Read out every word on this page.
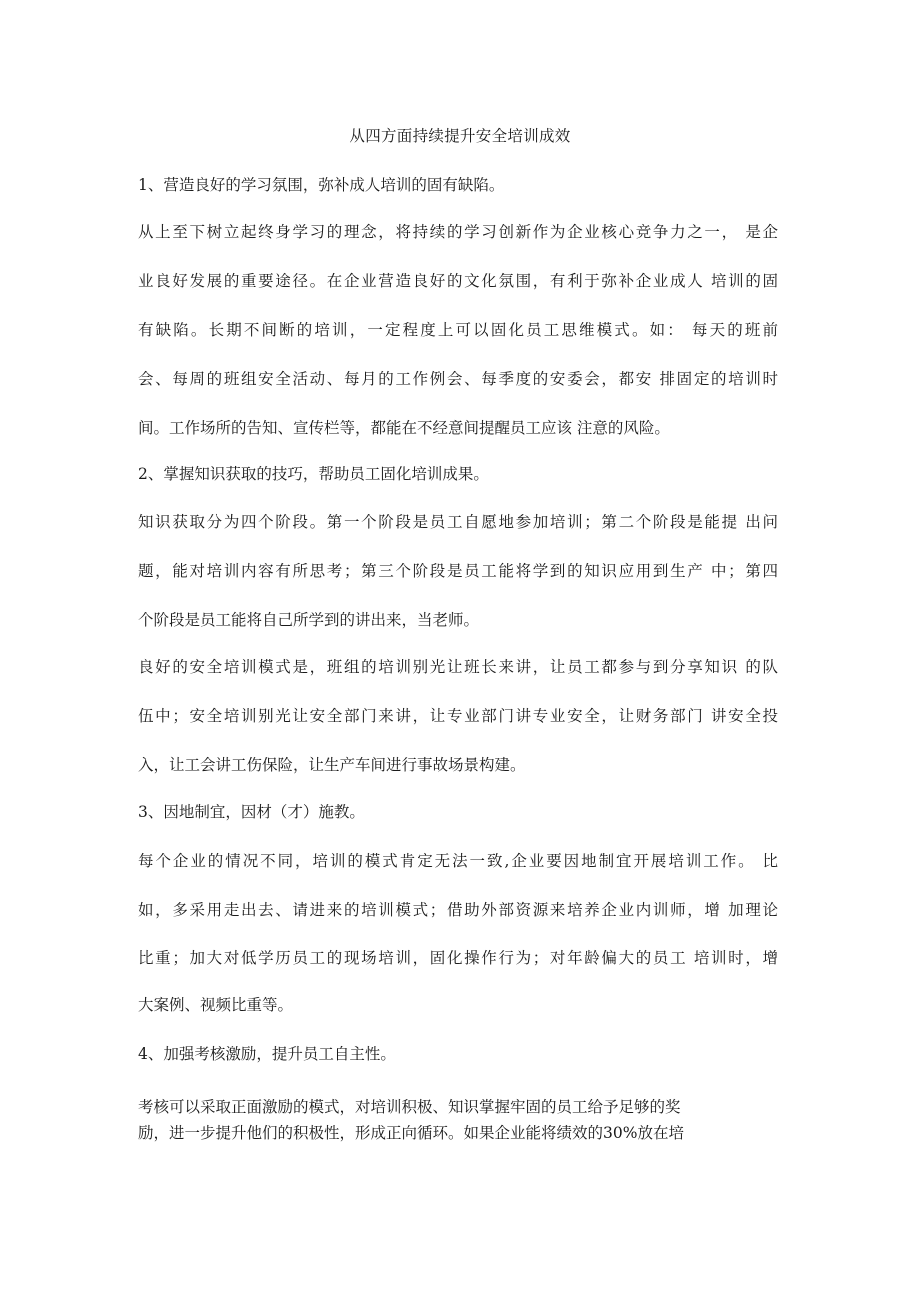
从四方面持续提升安全培训成效
1、营造良好的学习氛围，弥补成人培训的固有缺陷。
从上至下树立起终身学习的理念，将持续的学习创新作为企业核心竞争力之一， 是企
业良好发展的重要途径。在企业营造良好的文化氛围，有利于弥补企业成人 培训的固
有缺陷。长期不间断的培训，一定程度上可以固化员工思维模式。如： 每天的班前
会、每周的班组安全活动、每月的工作例会、每季度的安委会，都安 排固定的培训时
间。工作场所的告知、宣传栏等，都能在不经意间提醒员工应该 注意的风险。
2、掌握知识获取的技巧，帮助员工固化培训成果。
知识获取分为四个阶段。第一个阶段是员工自愿地参加培训；第二个阶段是能提 出问
题，能对培训内容有所思考；第三个阶段是员工能将学到的知识应用到生产 中；第四
个阶段是员工能将自己所学到的讲出来，当老师。
良好的安全培训模式是，班组的培训别光让班长来讲，让员工都参与到分享知识 的队
伍中；安全培训别光让安全部门来讲，让专业部门讲专业安全，让财务部门 讲安全投
入，让工会讲工伤保险，让生产车间进行事故场景构建。
3、因地制宜，因材（才）施教。
每个企业的情况不同，培训的模式肯定无法一致,企业要因地制宜开展培训工作。 比
如，多采用走出去、请进来的培训模式；借助外部资源来培养企业内训师，增 加理论
比重；加大对低学历员工的现场培训，固化操作行为；对年龄偏大的员工 培训时，增
大案例、视频比重等。
4、加强考核激励，提升员工自主性。
考核可以采取正面激励的模式，对培训积极、知识掌握牢固的员工给予足够的奖
励，进一步提升他们的积极性，形成正向循环。如果企业能将绩效的30%放在培
